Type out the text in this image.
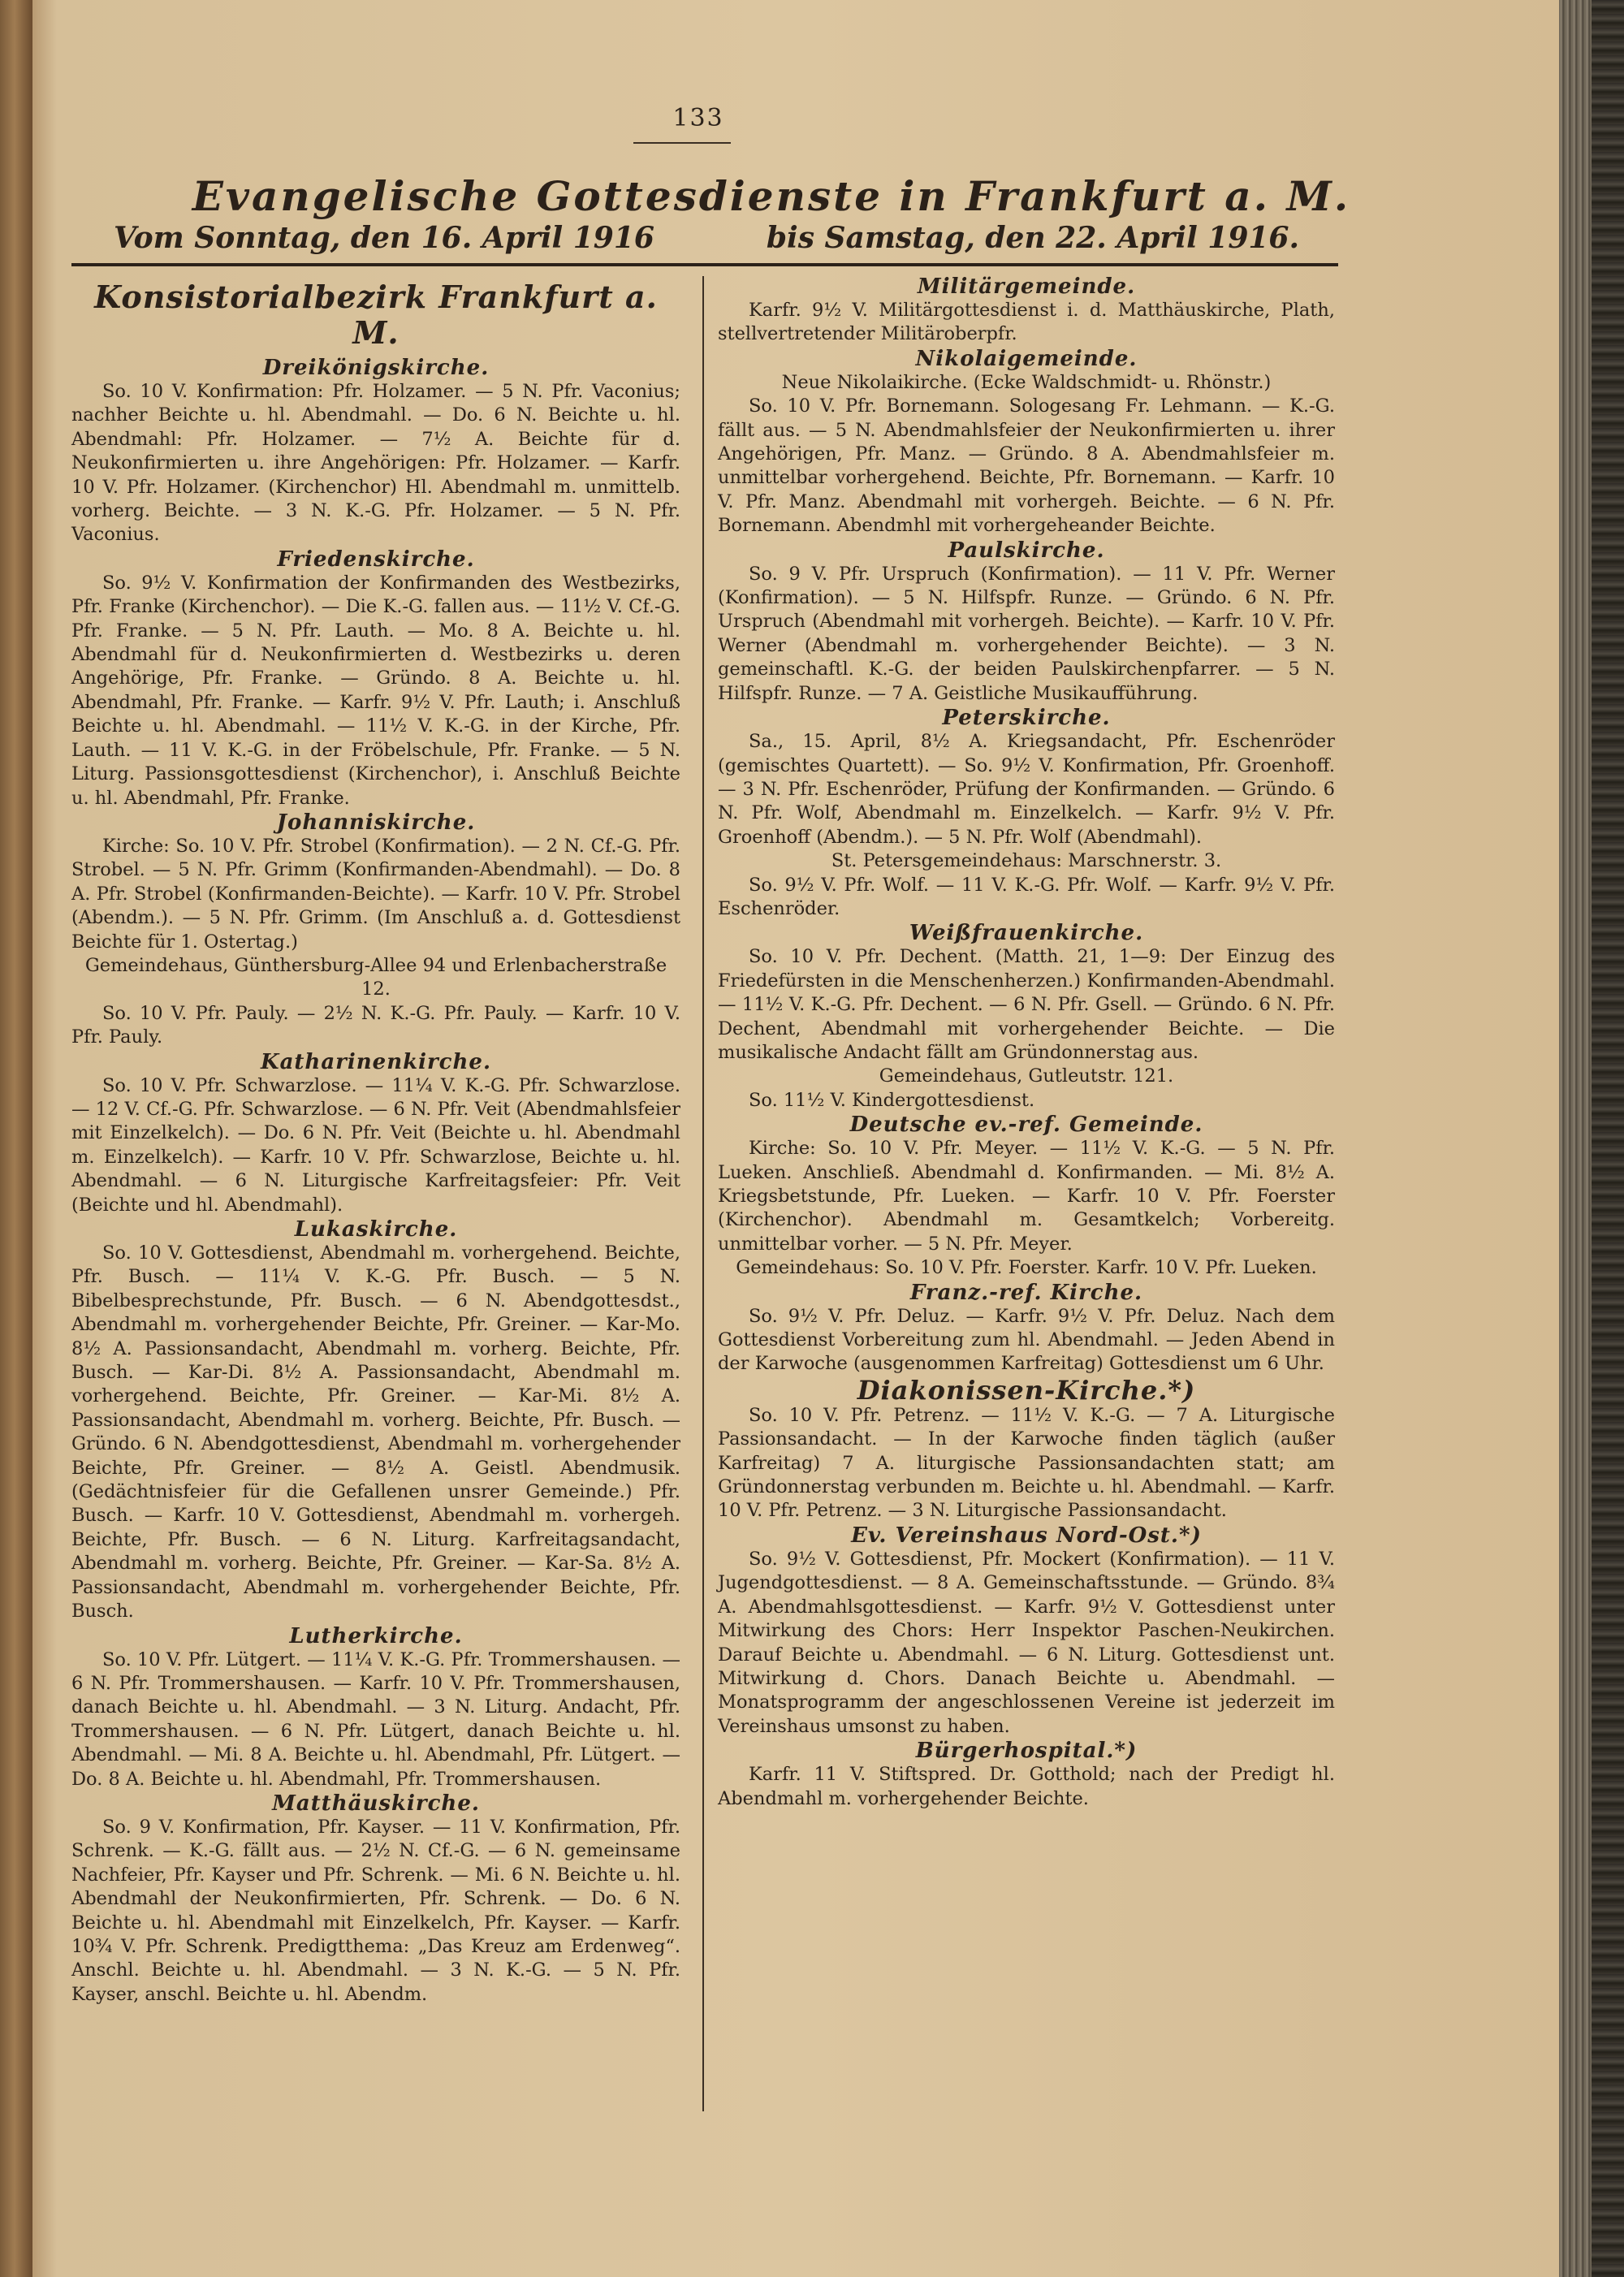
133
Evangelische Gottesdienste in Frankfurt a. M.
Vom Sonntag, den 16. April 1916	bis Samstag, den 22. April 1916.
Konsistorialbezirk Frankfurt a. M.
Dreikönigskirche.
So. 10 V. Konfirmation: Pfr. Holzamer. — 5 N. Pfr. Vaconius; nachher Beichte u. hl. Abendmahl. — Do. 6 N. Beichte u. hl. Abendmahl: Pfr. Holzamer. — 7½ A. Beichte für d. Neukonfirmierten u. ihre Angehörigen: Pfr. Holzamer. — Karfr. 10 V. Pfr. Holzamer. (Kirchenchor) Hl. Abendmahl m. unmittelb. vorherg. Beichte. — 3 N. K.-G. Pfr. Holzamer. — 5 N. Pfr. Vaconius.
Friedenskirche.
So. 9½ V. Konfirmation der Konfirmanden des Westbezirks, Pfr. Franke (Kirchenchor). — Die K.-G. fallen aus. — 11½ V. Cf.-G. Pfr. Franke. — 5 N. Pfr. Lauth. — Mo. 8 A. Beichte u. hl. Abendmahl für d. Neukonfirmierten d. Westbezirks u. deren Angehörige, Pfr. Franke. — Gründo. 8 A. Beichte u. hl. Abendmahl, Pfr. Franke. — Karfr. 9½ V. Pfr. Lauth; i. Anschluß Beichte u. hl. Abendmahl. — 11½ V. K.-G. in der Kirche, Pfr. Lauth. — 11 V. K.-G. in der Fröbelschule, Pfr. Franke. — 5 N. Liturg. Passionsgottesdienst (Kirchenchor), i. Anschluß Beichte u. hl. Abendmahl, Pfr. Franke.
Johanniskirche.
Kirche: So. 10 V. Pfr. Strobel (Konfirmation). — 2 N. Cf.-G. Pfr. Strobel. — 5 N. Pfr. Grimm (Konfirmanden-Abendmahl). — Do. 8 A. Pfr. Strobel (Konfirmanden-Beichte). — Karfr. 10 V. Pfr. Strobel (Abendm.). — 5 N. Pfr. Grimm. (Im Anschluß a. d. Gottesdienst Beichte für 1. Ostertag.)
Gemeindehaus, Günthersburg-Allee 94 und Erlenbacherstraße 12.
So. 10 V. Pfr. Pauly. — 2½ N. K.-G. Pfr. Pauly. — Karfr. 10 V. Pfr. Pauly.
Katharinenkirche.
So. 10 V. Pfr. Schwarzlose. — 11¼ V. K.-G. Pfr. Schwarzlose. — 12 V. Cf.-G. Pfr. Schwarzlose. — 6 N. Pfr. Veit (Abendmahlsfeier mit Einzelkelch). — Do. 6 N. Pfr. Veit (Beichte u. hl. Abendmahl m. Einzelkelch). — Karfr. 10 V. Pfr. Schwarzlose, Beichte u. hl. Abendmahl. — 6 N. Liturgische Karfreitagsfeier: Pfr. Veit (Beichte und hl. Abendmahl).
Lukaskirche.
So. 10 V. Gottesdienst, Abendmahl m. vorhergehend. Beichte, Pfr. Busch. — 11¼ V. K.-G. Pfr. Busch. — 5 N. Bibelbesprechstunde, Pfr. Busch. — 6 N. Abendgottesdst., Abendmahl m. vorhergehender Beichte, Pfr. Greiner. — Kar-Mo. 8½ A. Passionsandacht, Abendmahl m. vorherg. Beichte, Pfr. Busch. — Kar-Di. 8½ A. Passionsandacht, Abendmahl m. vorhergehend. Beichte, Pfr. Greiner. — Kar-Mi. 8½ A. Passionsandacht, Abendmahl m. vorherg. Beichte, Pfr. Busch. — Gründo. 6 N. Abendgottesdienst, Abendmahl m. vorhergehender Beichte, Pfr. Greiner. — 8½ A. Geistl. Abendmusik. (Gedächtnisfeier für die Gefallenen unsrer Gemeinde.) Pfr. Busch. — Karfr. 10 V. Gottesdienst, Abendmahl m. vorhergeh. Beichte, Pfr. Busch. — 6 N. Liturg. Karfreitagsandacht, Abendmahl m. vorherg. Beichte, Pfr. Greiner. — Kar-Sa. 8½ A. Passionsandacht, Abendmahl m. vorhergehender Beichte, Pfr. Busch.
Lutherkirche.
So. 10 V. Pfr. Lütgert. — 11¼ V. K.-G. Pfr. Trommershausen. — 6 N. Pfr. Trommershausen. — Karfr. 10 V. Pfr. Trommershausen, danach Beichte u. hl. Abendmahl. — 3 N. Liturg. Andacht, Pfr. Trommershausen. — 6 N. Pfr. Lütgert, danach Beichte u. hl. Abendmahl. — Mi. 8 A. Beichte u. hl. Abendmahl, Pfr. Lütgert. — Do. 8 A. Beichte u. hl. Abendmahl, Pfr. Trommershausen.
Matthäuskirche.
So. 9 V. Konfirmation, Pfr. Kayser. — 11 V. Konfirmation, Pfr. Schrenk. — K.-G. fällt aus. — 2½ N. Cf.-G. — 6 N. gemeinsame Nachfeier, Pfr. Kayser und Pfr. Schrenk. — Mi. 6 N. Beichte u. hl. Abendmahl der Neukonfirmierten, Pfr. Schrenk. — Do. 6 N. Beichte u. hl. Abendmahl mit Einzelkelch, Pfr. Kayser. — Karfr. 10¾ V. Pfr. Schrenk. Predigtthema: „Das Kreuz am Erdenweg“. Anschl. Beichte u. hl. Abendmahl. — 3 N. K.-G. — 5 N. Pfr. Kayser, anschl. Beichte u. hl. Abendm.
Militärgemeinde.
Karfr. 9½ V. Militärgottesdienst i. d. Matthäuskirche, Plath, stellvertretender Militäroberpfr.
Nikolaigemeinde.
Neue Nikolaikirche. (Ecke Waldschmidt- u. Rhönstr.)
So. 10 V. Pfr. Bornemann. Sologesang Fr. Lehmann. — K.-G. fällt aus. — 5 N. Abendmahlsfeier der Neukonfirmierten u. ihrer Angehörigen, Pfr. Manz. — Gründo. 8 A. Abendmahlsfeier m. unmittelbar vorhergehend. Beichte, Pfr. Bornemann. — Karfr. 10 V. Pfr. Manz. Abendmahl mit vorhergeh. Beichte. — 6 N. Pfr. Bornemann. Abendmhl mit vorhergeheander Beichte.
Paulskirche.
So. 9 V. Pfr. Urspruch (Konfirmation). — 11 V. Pfr. Werner (Konfirmation). — 5 N. Hilfspfr. Runze. — Gründo. 6 N. Pfr. Urspruch (Abendmahl mit vorhergeh. Beichte). — Karfr. 10 V. Pfr. Werner (Abendmahl m. vorhergehender Beichte). — 3 N. gemeinschaftl. K.-G. der beiden Paulskirchenpfarrer. — 5 N. Hilfspfr. Runze. — 7 A. Geistliche Musikaufführung.
Peterskirche.
Sa., 15. April, 8½ A. Kriegsandacht, Pfr. Eschenröder (gemischtes Quartett). — So. 9½ V. Konfirmation, Pfr. Groenhoff. — 3 N. Pfr. Eschenröder, Prüfung der Konfirmanden. — Gründo. 6 N. Pfr. Wolf, Abendmahl m. Einzelkelch. — Karfr. 9½ V. Pfr. Groenhoff (Abendm.). — 5 N. Pfr. Wolf (Abendmahl).
St. Petersgemeindehaus: Marschnerstr. 3.
So. 9½ V. Pfr. Wolf. — 11 V. K.-G. Pfr. Wolf. — Karfr. 9½ V. Pfr. Eschenröder.
Weißfrauenkirche.
So. 10 V. Pfr. Dechent. (Matth. 21, 1—9: Der Einzug des Friedefürsten in die Menschenherzen.) Konfirmanden-Abendmahl. — 11½ V. K.-G. Pfr. Dechent. — 6 N. Pfr. Gsell. — Gründo. 6 N. Pfr. Dechent, Abendmahl mit vorhergehender Beichte. — Die musikalische Andacht fällt am Gründonnerstag aus.
Gemeindehaus, Gutleutstr. 121.
So. 11½ V. Kindergottesdienst.
Deutsche ev.-ref. Gemeinde.
Kirche: So. 10 V. Pfr. Meyer. — 11½ V. K.-G. — 5 N. Pfr. Lueken. Anschließ. Abendmahl d. Konfirmanden. — Mi. 8½ A. Kriegsbetstunde, Pfr. Lueken. — Karfr. 10 V. Pfr. Foerster (Kirchenchor). Abendmahl m. Gesamtkelch; Vorbereitg. unmittelbar vorher. — 5 N. Pfr. Meyer.
Gemeindehaus: So. 10 V. Pfr. Foerster. Karfr. 10 V. Pfr. Lueken.
Franz.-ref. Kirche.
So. 9½ V. Pfr. Deluz. — Karfr. 9½ V. Pfr. Deluz. Nach dem Gottesdienst Vorbereitung zum hl. Abendmahl. — Jeden Abend in der Karwoche (ausgenommen Karfreitag) Gottesdienst um 6 Uhr.
Diakonissen-Kirche.*)
So. 10 V. Pfr. Petrenz. — 11½ V. K.-G. — 7 A. Liturgische Passionsandacht. — In der Karwoche finden täglich (außer Karfreitag) 7 A. liturgische Passionsandachten statt; am Gründonnerstag verbunden m. Beichte u. hl. Abendmahl. — Karfr. 10 V. Pfr. Petrenz. — 3 N. Liturgische Passionsandacht.
Ev. Vereinshaus Nord-Ost.*)
So. 9½ V. Gottesdienst, Pfr. Mockert (Konfirmation). — 11 V. Jugendgottesdienst. — 8 A. Gemeinschaftsstunde. — Gründo. 8¾ A. Abendmahlsgottesdienst. — Karfr. 9½ V. Gottesdienst unter Mitwirkung des Chors: Herr Inspektor Paschen-Neukirchen. Darauf Beichte u. Abendmahl. — 6 N. Liturg. Gottesdienst unt. Mitwirkung d. Chors. Danach Beichte u. Abendmahl. — Monatsprogramm der angeschlossenen Vereine ist jederzeit im Vereinshaus umsonst zu haben.
Bürgerhospital.*)
Karfr. 11 V. Stiftspred. Dr. Gotthold; nach der Predigt hl. Abendmahl m. vorhergehender Beichte.
